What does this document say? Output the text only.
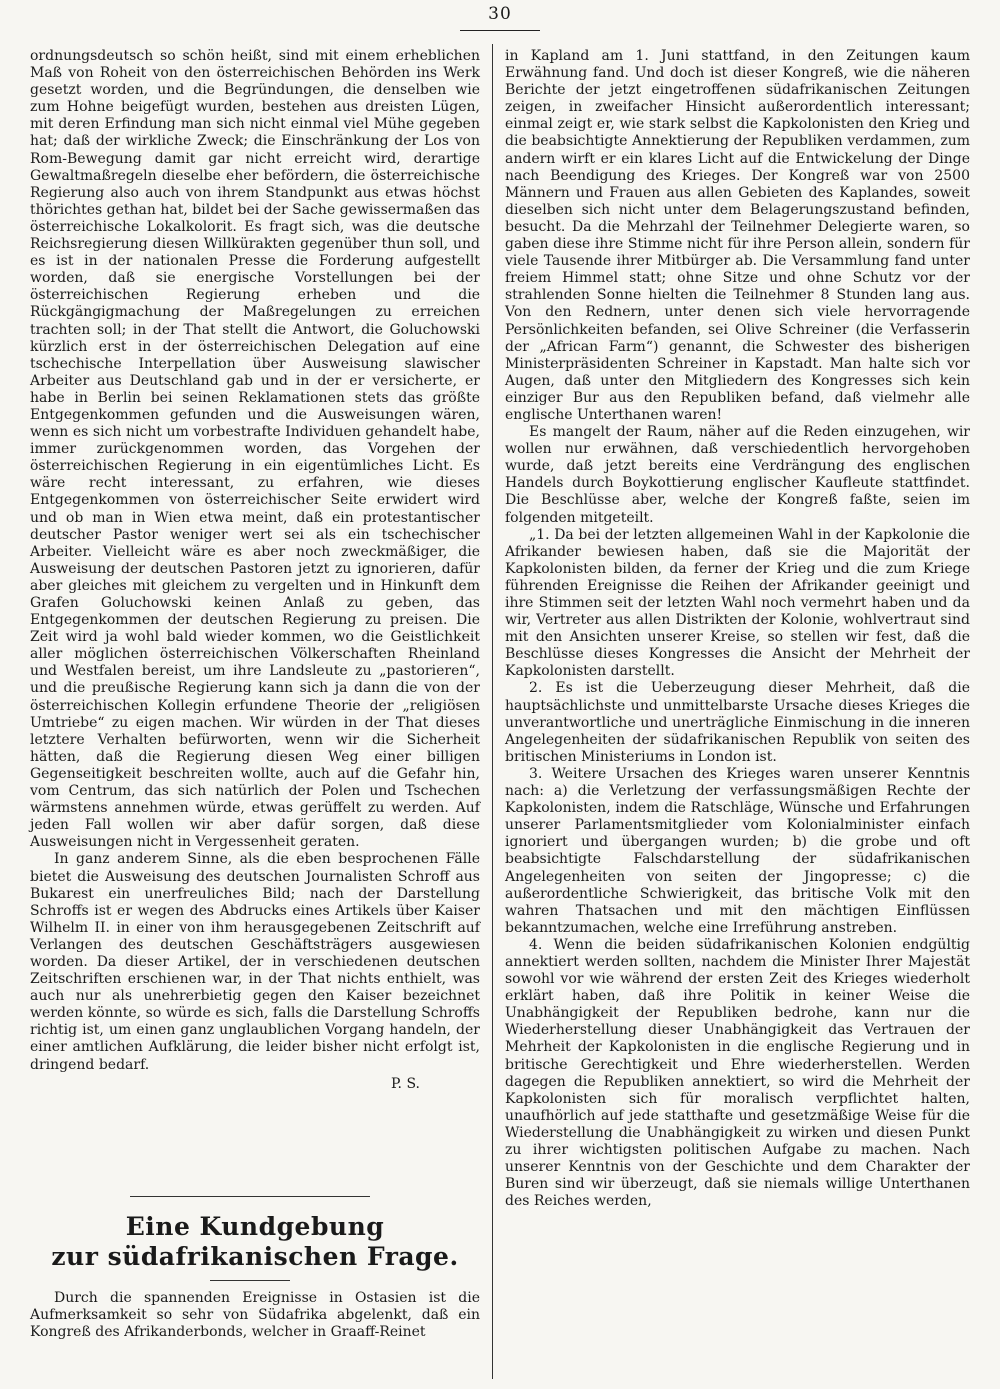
30

ordnungsdeutsch so schön heißt, sind mit einem erheblichen Maß von Roheit von den österreichischen Behörden ins Werk gesetzt worden, und die Begründungen, die denselben wie zum Hohne beigefügt wurden, bestehen aus dreisten Lügen, mit deren Erfindung man sich nicht einmal viel Mühe gegeben hat; daß der wirkliche Zweck; die Einschränkung der Los von Rom-Bewegung damit gar nicht erreicht wird, derartige Gewaltmaßregeln dieselbe eher befördern, die österreichische Regierung also auch von ihrem Standpunkt aus etwas höchst thörichtes gethan hat, bildet bei der Sache gewissermaßen das österreichische Lokalkolorit. Es fragt sich, was die deutsche Reichsregierung diesen Willkürakten gegenüber thun soll, und es ist in der nationalen Presse die Forderung aufgestellt worden, daß sie energische Vorstellungen bei der österreichischen Regierung erheben und die Rückgängigmachung der Maßregelungen zu erreichen trachten soll; in der That stellt die Antwort, die Goluchowski kürzlich erst in der österreichischen Delegation auf eine tschechische Interpellation über Ausweisung slawischer Arbeiter aus Deutschland gab und in der er versicherte, er habe in Berlin bei seinen Reklamationen stets das größte Entgegenkommen gefunden und die Ausweisungen wären, wenn es sich nicht um vorbestrafte Individuen gehandelt habe, immer zurückgenommen worden, das Vorgehen der österreichischen Regierung in ein eigentümliches Licht. Es wäre recht interessant, zu erfahren, wie dieses Entgegenkommen von österreichischer Seite erwidert wird und ob man in Wien etwa meint, daß ein protestantischer deutscher Pastor weniger wert sei als ein tschechischer Arbeiter. Vielleicht wäre es aber noch zweckmäßiger, die Ausweisung der deutschen Pastoren jetzt zu ignorieren, dafür aber gleiches mit gleichem zu vergelten und in Hinkunft dem Grafen Goluchowski keinen Anlaß zu geben, das Entgegenkommen der deutschen Regierung zu preisen. Die Zeit wird ja wohl bald wieder kommen, wo die Geistlichkeit aller möglichen österreichischen Völkerschaften Rheinland und Westfalen bereist, um ihre Landsleute zu „pastorieren“, und die preußische Regierung kann sich ja dann die von der österreichischen Kollegin erfundene Theorie der „religiösen Umtriebe“ zu eigen machen. Wir würden in der That dieses letztere Verhalten befürworten, wenn wir die Sicherheit hätten, daß die Regierung diesen Weg einer billigen Gegenseitigkeit beschreiten wollte, auch auf die Gefahr hin, vom Centrum, das sich natürlich der Polen und Tschechen wärmstens annehmen würde, etwas gerüffelt zu werden. Auf jeden Fall wollen wir aber dafür sorgen, daß diese Ausweisungen nicht in Vergessenheit geraten.

In ganz anderem Sinne, als die eben besprochenen Fälle bietet die Ausweisung des deutschen Journalisten Schroff aus Bukarest ein unerfreuliches Bild; nach der Darstellung Schroffs ist er wegen des Abdrucks eines Artikels über Kaiser Wilhelm II. in einer von ihm herausgegebenen Zeitschrift auf Verlangen des deutschen Geschäftsträgers ausgewiesen worden. Da dieser Artikel, der in verschiedenen deutschen Zeitschriften erschienen war, in der That nichts enthielt, was auch nur als unehrerbietig gegen den Kaiser bezeichnet werden könnte, so würde es sich, falls die Darstellung Schroffs richtig ist, um einen ganz unglaublichen Vorgang handeln, der einer amtlichen Aufklärung, die leider bisher nicht erfolgt ist, dringend bedarf.

P. S.

Eine Kundgebung
zur südafrikanischen Frage.

Durch die spannenden Ereignisse in Ostasien ist die Aufmerksamkeit so sehr von Südafrika abgelenkt, daß ein Kongreß des Afrikanderbonds, welcher in Graaff-Reinet

in Kapland am 1. Juni stattfand, in den Zeitungen kaum Erwähnung fand. Und doch ist dieser Kongreß, wie die näheren Berichte der jetzt eingetroffenen südafrikanischen Zeitungen zeigen, in zweifacher Hinsicht außerordentlich interessant; einmal zeigt er, wie stark selbst die Kapkolonisten den Krieg und die beabsichtigte Annektierung der Republiken verdammen, zum andern wirft er ein klares Licht auf die Entwickelung der Dinge nach Beendigung des Krieges. Der Kongreß war von 2500 Männern und Frauen aus allen Gebieten des Kaplandes, soweit dieselben sich nicht unter dem Belagerungszustand befinden, besucht. Da die Mehrzahl der Teilnehmer Delegierte waren, so gaben diese ihre Stimme nicht für ihre Person allein, sondern für viele Tausende ihrer Mitbürger ab. Die Versammlung fand unter freiem Himmel statt; ohne Sitze und ohne Schutz vor der strahlenden Sonne hielten die Teilnehmer 8 Stunden lang aus. Von den Rednern, unter denen sich viele hervorragende Persönlichkeiten befanden, sei Olive Schreiner (die Verfasserin der „African Farm“) genannt, die Schwester des bisherigen Ministerpräsidenten Schreiner in Kapstadt. Man halte sich vor Augen, daß unter den Mitgliedern des Kongresses sich kein einziger Bur aus den Republiken befand, daß vielmehr alle englische Unterthanen waren!

Es mangelt der Raum, näher auf die Reden einzugehen, wir wollen nur erwähnen, daß verschiedentlich hervorgehoben wurde, daß jetzt bereits eine Verdrängung des englischen Handels durch Boykottierung englischer Kaufleute stattfindet. Die Beschlüsse aber, welche der Kongreß faßte, seien im folgenden mitgeteilt.

„1. Da bei der letzten allgemeinen Wahl in der Kapkolonie die Afrikander bewiesen haben, daß sie die Majorität der Kapkolonisten bilden, da ferner der Krieg und die zum Kriege führenden Ereignisse die Reihen der Afrikander geeinigt und ihre Stimmen seit der letzten Wahl noch vermehrt haben und da wir, Vertreter aus allen Distrikten der Kolonie, wohlvertraut sind mit den Ansichten unserer Kreise, so stellen wir fest, daß die Beschlüsse dieses Kongresses die Ansicht der Mehrheit der Kapkolonisten darstellt.

2. Es ist die Ueberzeugung dieser Mehrheit, daß die hauptsächlichste und unmittelbarste Ursache dieses Krieges die unverantwortliche und unerträgliche Einmischung in die inneren Angelegenheiten der südafrikanischen Republik von seiten des britischen Ministeriums in London ist.

3. Weitere Ursachen des Krieges waren unserer Kenntnis nach: a) die Verletzung der verfassungsmäßigen Rechte der Kapkolonisten, indem die Ratschläge, Wünsche und Erfahrungen unserer Parlamentsmitglieder vom Kolonialminister einfach ignoriert und übergangen wurden; b) die grobe und oft beabsichtigte Falschdarstellung der südafrikanischen Angelegenheiten von seiten der Jingopresse; c) die außerordentliche Schwierigkeit, das britische Volk mit den wahren Thatsachen und mit den mächtigen Einflüssen bekanntzumachen, welche eine Irreführung anstreben.

4. Wenn die beiden südafrikanischen Kolonien endgültig annektiert werden sollten, nachdem die Minister Ihrer Majestät sowohl vor wie während der ersten Zeit des Krieges wiederholt erklärt haben, daß ihre Politik in keiner Weise die Unabhängigkeit der Republiken bedrohe, kann nur die Wiederherstellung dieser Unabhängigkeit das Vertrauen der Mehrheit der Kapkolonisten in die englische Regierung und in britische Gerechtigkeit und Ehre wiederherstellen. Werden dagegen die Republiken annektiert, so wird die Mehrheit der Kapkolonisten sich für moralisch verpflichtet halten, unaufhörlich auf jede statthafte und gesetzmäßige Weise für die Wiederstellung die Unabhängigkeit zu wirken und diesen Punkt zu ihrer wichtigsten politischen Aufgabe zu machen. Nach unserer Kenntnis von der Geschichte und dem Charakter der Buren sind wir überzeugt, daß sie niemals willige Unterthanen des Reiches werden,
